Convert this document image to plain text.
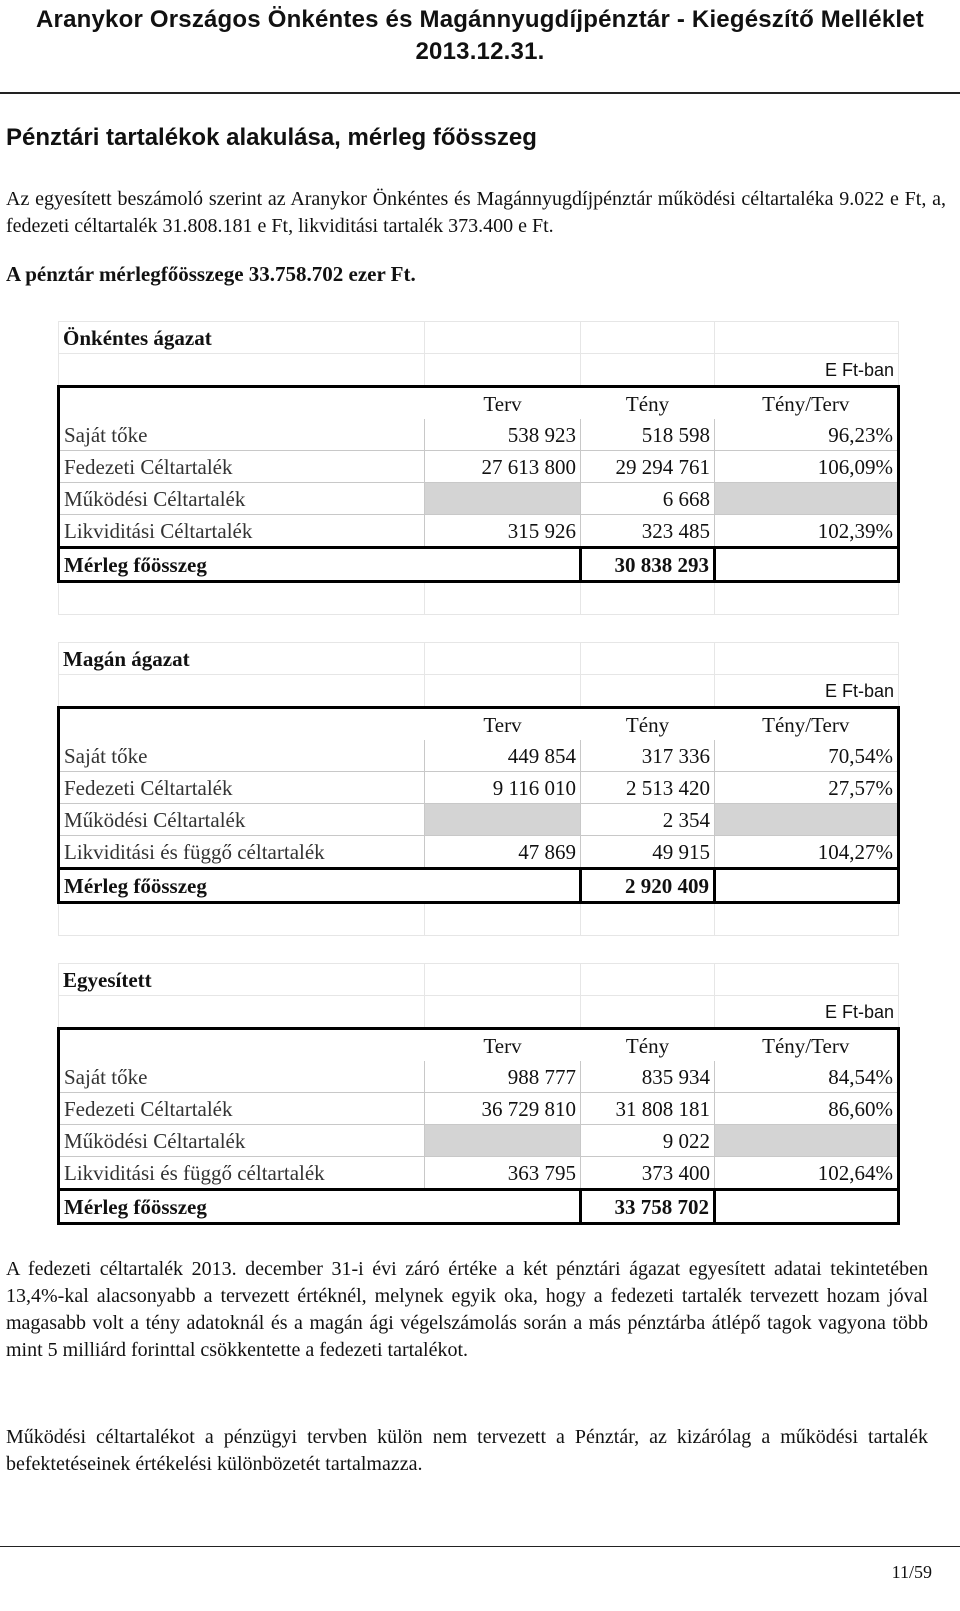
Aranykor Országos Önkéntes és Magánnyugdíjpénztár - Kiegészítő Melléklet
2013.12.31.
Pénztári tartalékok alakulása, mérleg főösszeg
Az egyesített beszámoló szerint az Aranykor Önkéntes és Magánnyugdíjpénztár működési céltartaléka 9.022 e Ft, a, fedezeti céltartalék 31.808.181 e Ft, likviditási tartalék 373.400 e Ft.
A pénztár mérlegfőösszege 33.758.702 ezer Ft.
Önkéntes ágazat			
			E Ft-ban
	Terv	Tény	Tény/Terv
Saját tőke	538 923	518 598	96,23%
Fedezeti Céltartalék	27 613 800	29 294 761	106,09%
Működési Céltartalék		6 668	
Likviditási Céltartalék	315 926	323 485	102,39%
Mérleg főösszeg		30 838 293	

Magán ágazat			
			E Ft-ban
	Terv	Tény	Tény/Terv
Saját tőke	449 854	317 336	70,54%
Fedezeti Céltartalék	9 116 010	2 513 420	27,57%
Működési Céltartalék		2 354	
Likviditási és függő céltartalék	47 869	49 915	104,27%
Mérleg főösszeg		2 920 409	

Egyesített			
			E Ft-ban
	Terv	Tény	Tény/Terv
Saját tőke	988 777	835 934	84,54%
Fedezeti Céltartalék	36 729 810	31 808 181	86,60%
Működési Céltartalék		9 022	
Likviditási és függő céltartalék	363 795	373 400	102,64%
Mérleg főösszeg		33 758 702	
A fedezeti céltartalék 2013. december 31-i évi záró értéke a két pénztári ágazat egyesített adatai tekintetében 13,4%-kal alacsonyabb a tervezett értéknél, melynek egyik oka, hogy a fedezeti tartalék tervezett hozam jóval magasabb volt a tény adatoknál és a magán ági végelszámolás során a más pénztárba átlépő tagok vagyona több mint 5 milliárd forinttal csökkentette a fedezeti tartalékot.
Működési céltartalékot a pénzügyi tervben külön nem tervezett a Pénztár, az kizárólag a működési tartalék befektetéseinek értékelési különbözetét tartalmazza.
11/59
